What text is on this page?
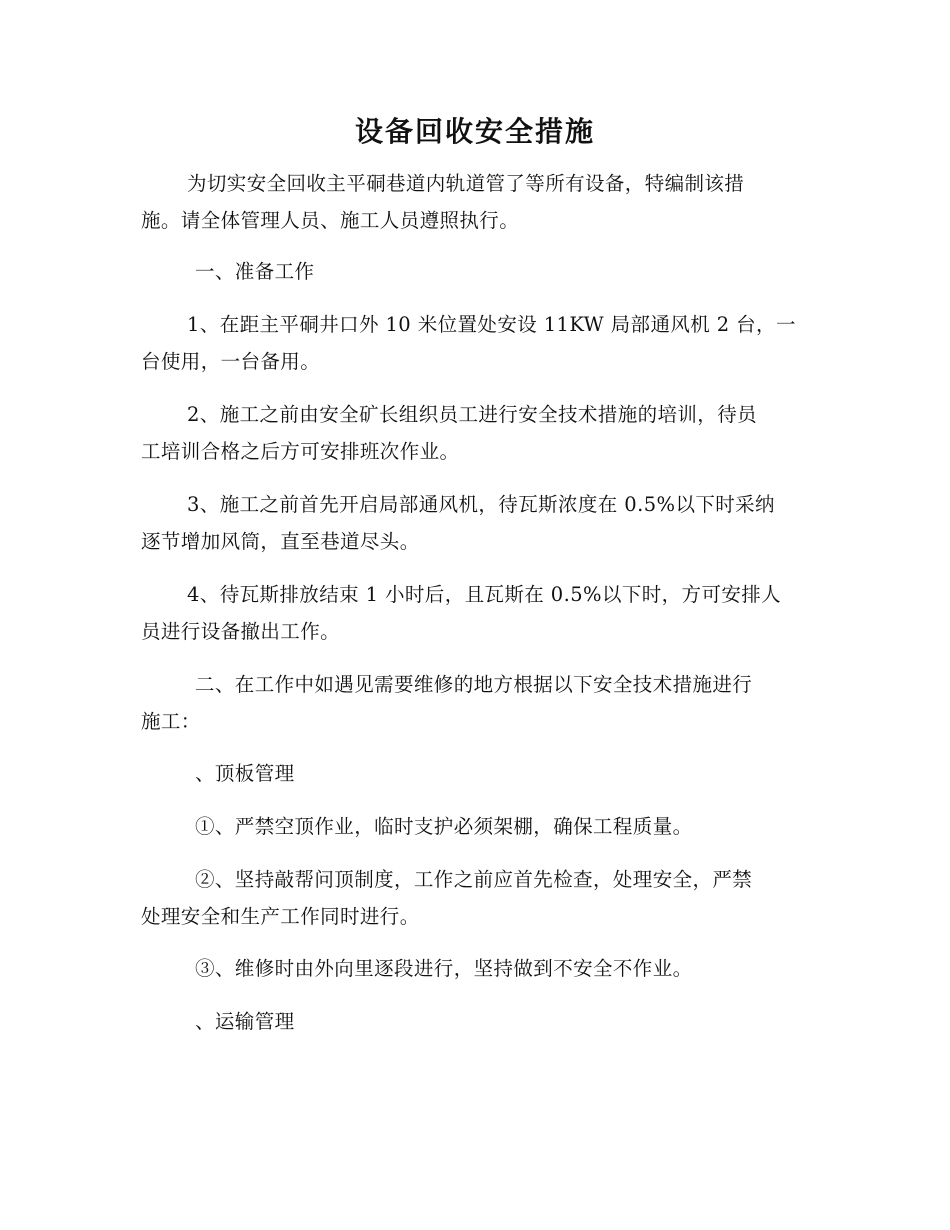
设备回收安全措施
为切实安全回收主平硐巷道内轨道管了等所有设备，特编制该措
施。请全体管理人员、施工人员遵照执行。
一、准备工作
1、在距主平硐井口外 10 米位置处安设 11KW 局部通风机 2 台，一
台使用，一台备用。
2、施工之前由安全矿长组织员工进行安全技术措施的培训，待员
工培训合格之后方可安排班次作业。
3、施工之前首先开启局部通风机，待瓦斯浓度在 0.5%以下时采纳
逐节增加风筒，直至巷道尽头。
4、待瓦斯排放结束 1 小时后，且瓦斯在 0.5%以下时，方可安排人
员进行设备撤出工作。
二、在工作中如遇见需要维修的地方根据以下安全技术措施进行
施工：
、顶板管理
①、严禁空顶作业，临时支护必须架棚，确保工程质量。
②、坚持敲帮问顶制度，工作之前应首先检查，处理安全，严禁
处理安全和生产工作同时进行。
③、维修时由外向里逐段进行，坚持做到不安全不作业。
、运输管理
